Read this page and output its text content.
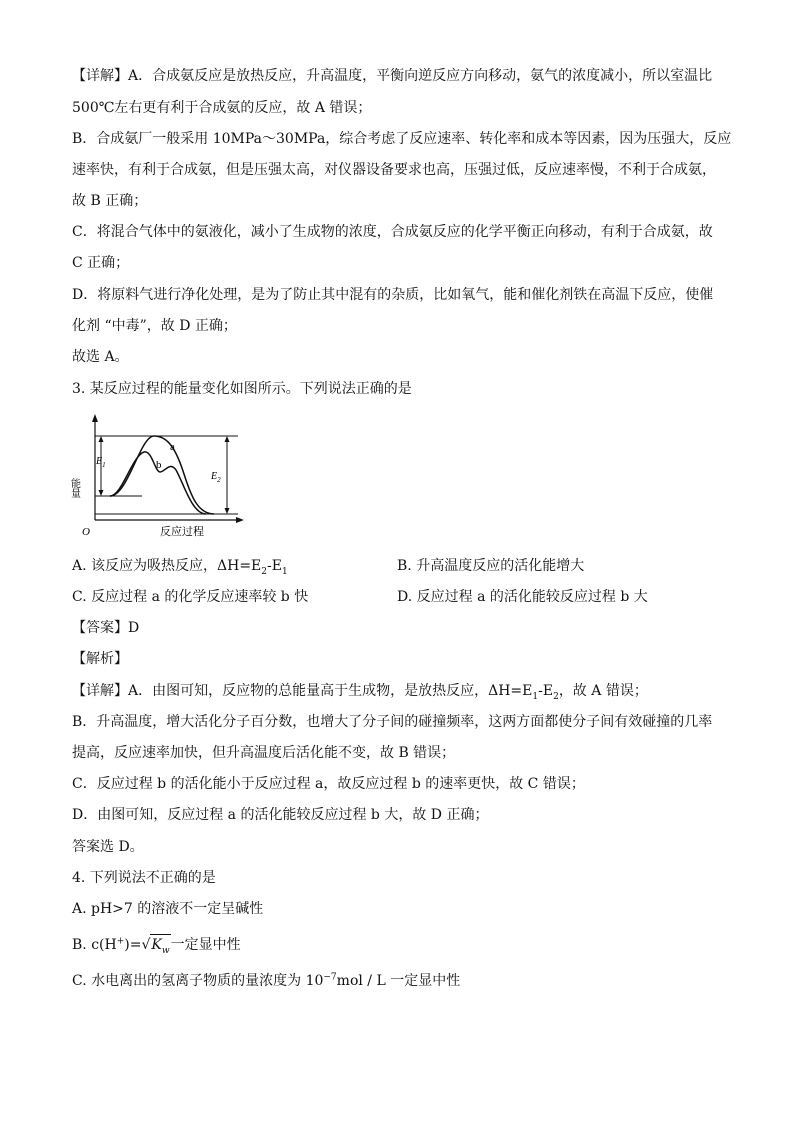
【详解】A．合成氨反应是放热反应，升高温度，平衡向逆反应方向移动，氨气的浓度减小，所以室温比
500℃左右更有利于合成氨的反应，故 A 错误；
B．合成氨厂一般采用 10MPa～30MPa，综合考虑了反应速率、转化率和成本等因素，因为压强大，反应
速率快，有利于合成氨，但是压强太高，对仪器设备要求也高，压强过低，反应速率慢，不利于合成氨，
故 B 正确；
C．将混合气体中的氨液化，减小了生成物的浓度，合成氨反应的化学平衡正向移动，有利于合成氨，故
C 正确；
D．将原料气进行净化处理，是为了防止其中混有的杂质，比如氧气，能和催化剂铁在高温下反应，使催
化剂 “中毒”，故 D 正确；
故选 A。
3. 某反应过程的能量变化如图所示。下列说法正确的是
$E_1$
$E_2$
a
b
能量
O	反应过程
A. 该反应为吸热反应，$\Delta H=E_2-E_1$	B. 升高温度反应的活化能增大
C. 反应过程 a 的化学反应速率较 b 快	D. 反应过程 a 的活化能较反应过程 b 大
【答案】D
【解析】
【详解】A．由图可知，反应物的总能量高于生成物，是放热反应，$\Delta H=E_1-E_2$，故 A 错误；
B．升高温度，增大活化分子百分数，也增大了分子间的碰撞频率，这两方面都使分子间有效碰撞的几率
提高，反应速率加快，但升高温度后活化能不变，故 B 错误；
C．反应过程 b 的活化能小于反应过程 a，故反应过程 b 的速率更快，故 C 错误；
D．由图可知，反应过程 a 的活化能较反应过程 b 大，故 D 正确；
答案选 D。
4. 下列说法不正确的是
A. pH>7 的溶液不一定呈碱性
B. $c(H^+)=√K_w$一定显中性
C. 水电离出的氢离子物质的量浓度为 $10^{-7}mol$ / L 一定显中性
